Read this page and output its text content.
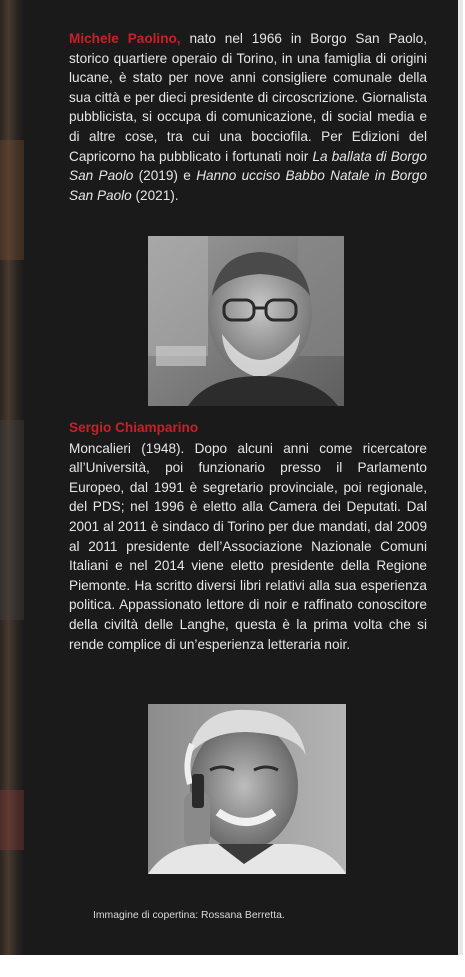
Michele Paolino, nato nel 1966 in Borgo San Paolo, storico quartiere operaio di Torino, in una famiglia di origini lucane, è stato per nove anni consigliere comunale della sua città e per dieci presidente di circoscrizione. Giornalista pubblicista, si occupa di comunicazione, di social media e di altre cose, tra cui una bocciofila. Per Edizioni del Capricorno ha pubblicato i fortunati noir La ballata di Borgo San Paolo (2019) e Hanno ucciso Babbo Natale in Borgo San Paolo (2021).

Sergio Chiamparino
Moncalieri (1948). Dopo alcuni anni come ricercatore all’Università, poi funzionario presso il Parlamento Europeo, dal 1991 è segretario provinciale, poi regionale, del PDS; nel 1996 è eletto alla Camera dei Deputati. Dal 2001 al 2011 è sindaco di Torino per due mandati, dal 2009 al 2011 presidente dell’Associazione Nazionale Comuni Italiani e nel 2014 viene eletto presidente della Regione Piemonte. Ha scritto diversi libri relativi alla sua esperienza politica. Appassionato lettore di noir e raffinato conoscitore della civiltà delle Langhe, questa è la prima volta che si rende complice di un’esperienza letteraria noir.

Immagine di copertina: Rossana Berretta.
